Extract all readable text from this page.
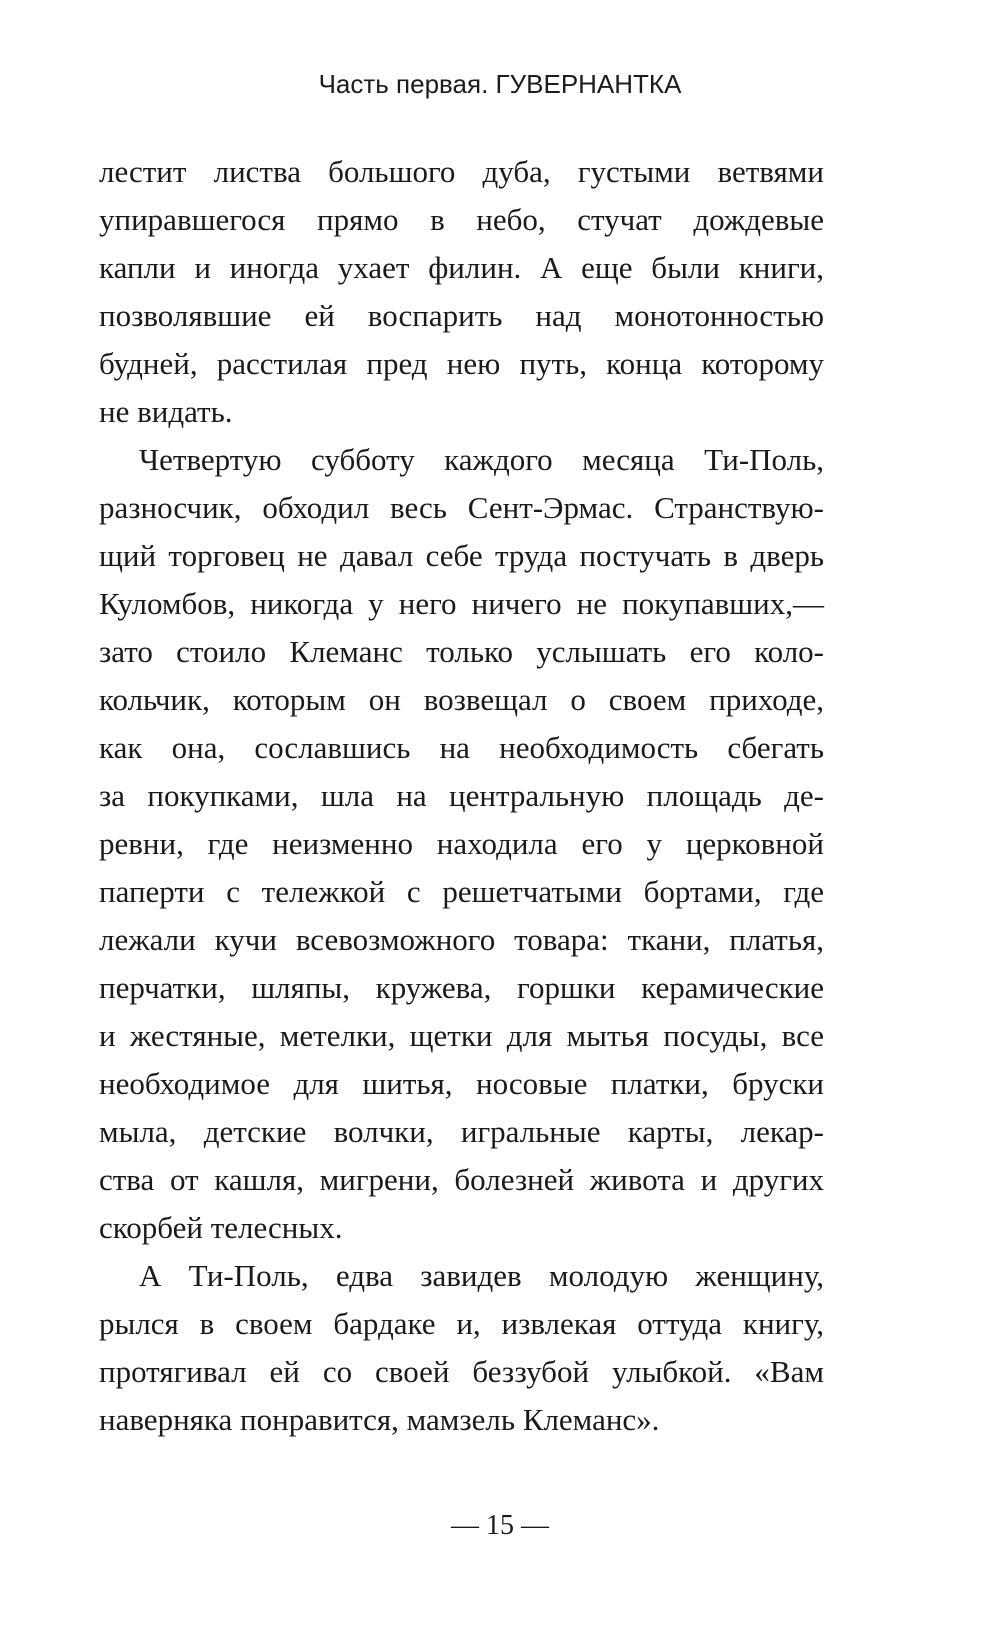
Часть первая. ГУВЕРНАНТКА
лестит листва большого дуба, густыми ветвями
упиравшегося прямо в небо, стучат дождевые
капли и иногда ухает филин. А еще были книги,
позволявшие ей воспарить над монотонностью
будней, расстилая пред нею путь, конца которому
не видать.
Четвертую субботу каждого месяца Ти-Поль,
разносчик, обходил весь Сент-Эрмас. Странствую-
щий торговец не давал себе труда постучать в дверь
Куломбов, никогда у него ничего не покупавших,—
зато стоило Клеманс только услышать его коло-
кольчик, которым он возвещал о своем приходе,
как она, сославшись на необходимость сбегать
за покупками, шла на центральную площадь де-
ревни, где неизменно находила его у церковной
паперти с тележкой с решетчатыми бортами, где
лежали кучи всевозможного товара: ткани, платья,
перчатки, шляпы, кружева, горшки керамические
и жестяные, метелки, щетки для мытья посуды, все
необходимое для шитья, носовые платки, бруски
мыла, детские волчки, игральные карты, лекар-
ства от кашля, мигрени, болезней живота и других
скорбей телесных.
А Ти-Поль, едва завидев молодую женщину,
рылся в своем бардаке и, извлекая оттуда книгу,
протягивал ей со своей беззубой улыбкой. «Вам
наверняка понравится, мамзель Клеманс».
— 15 —
